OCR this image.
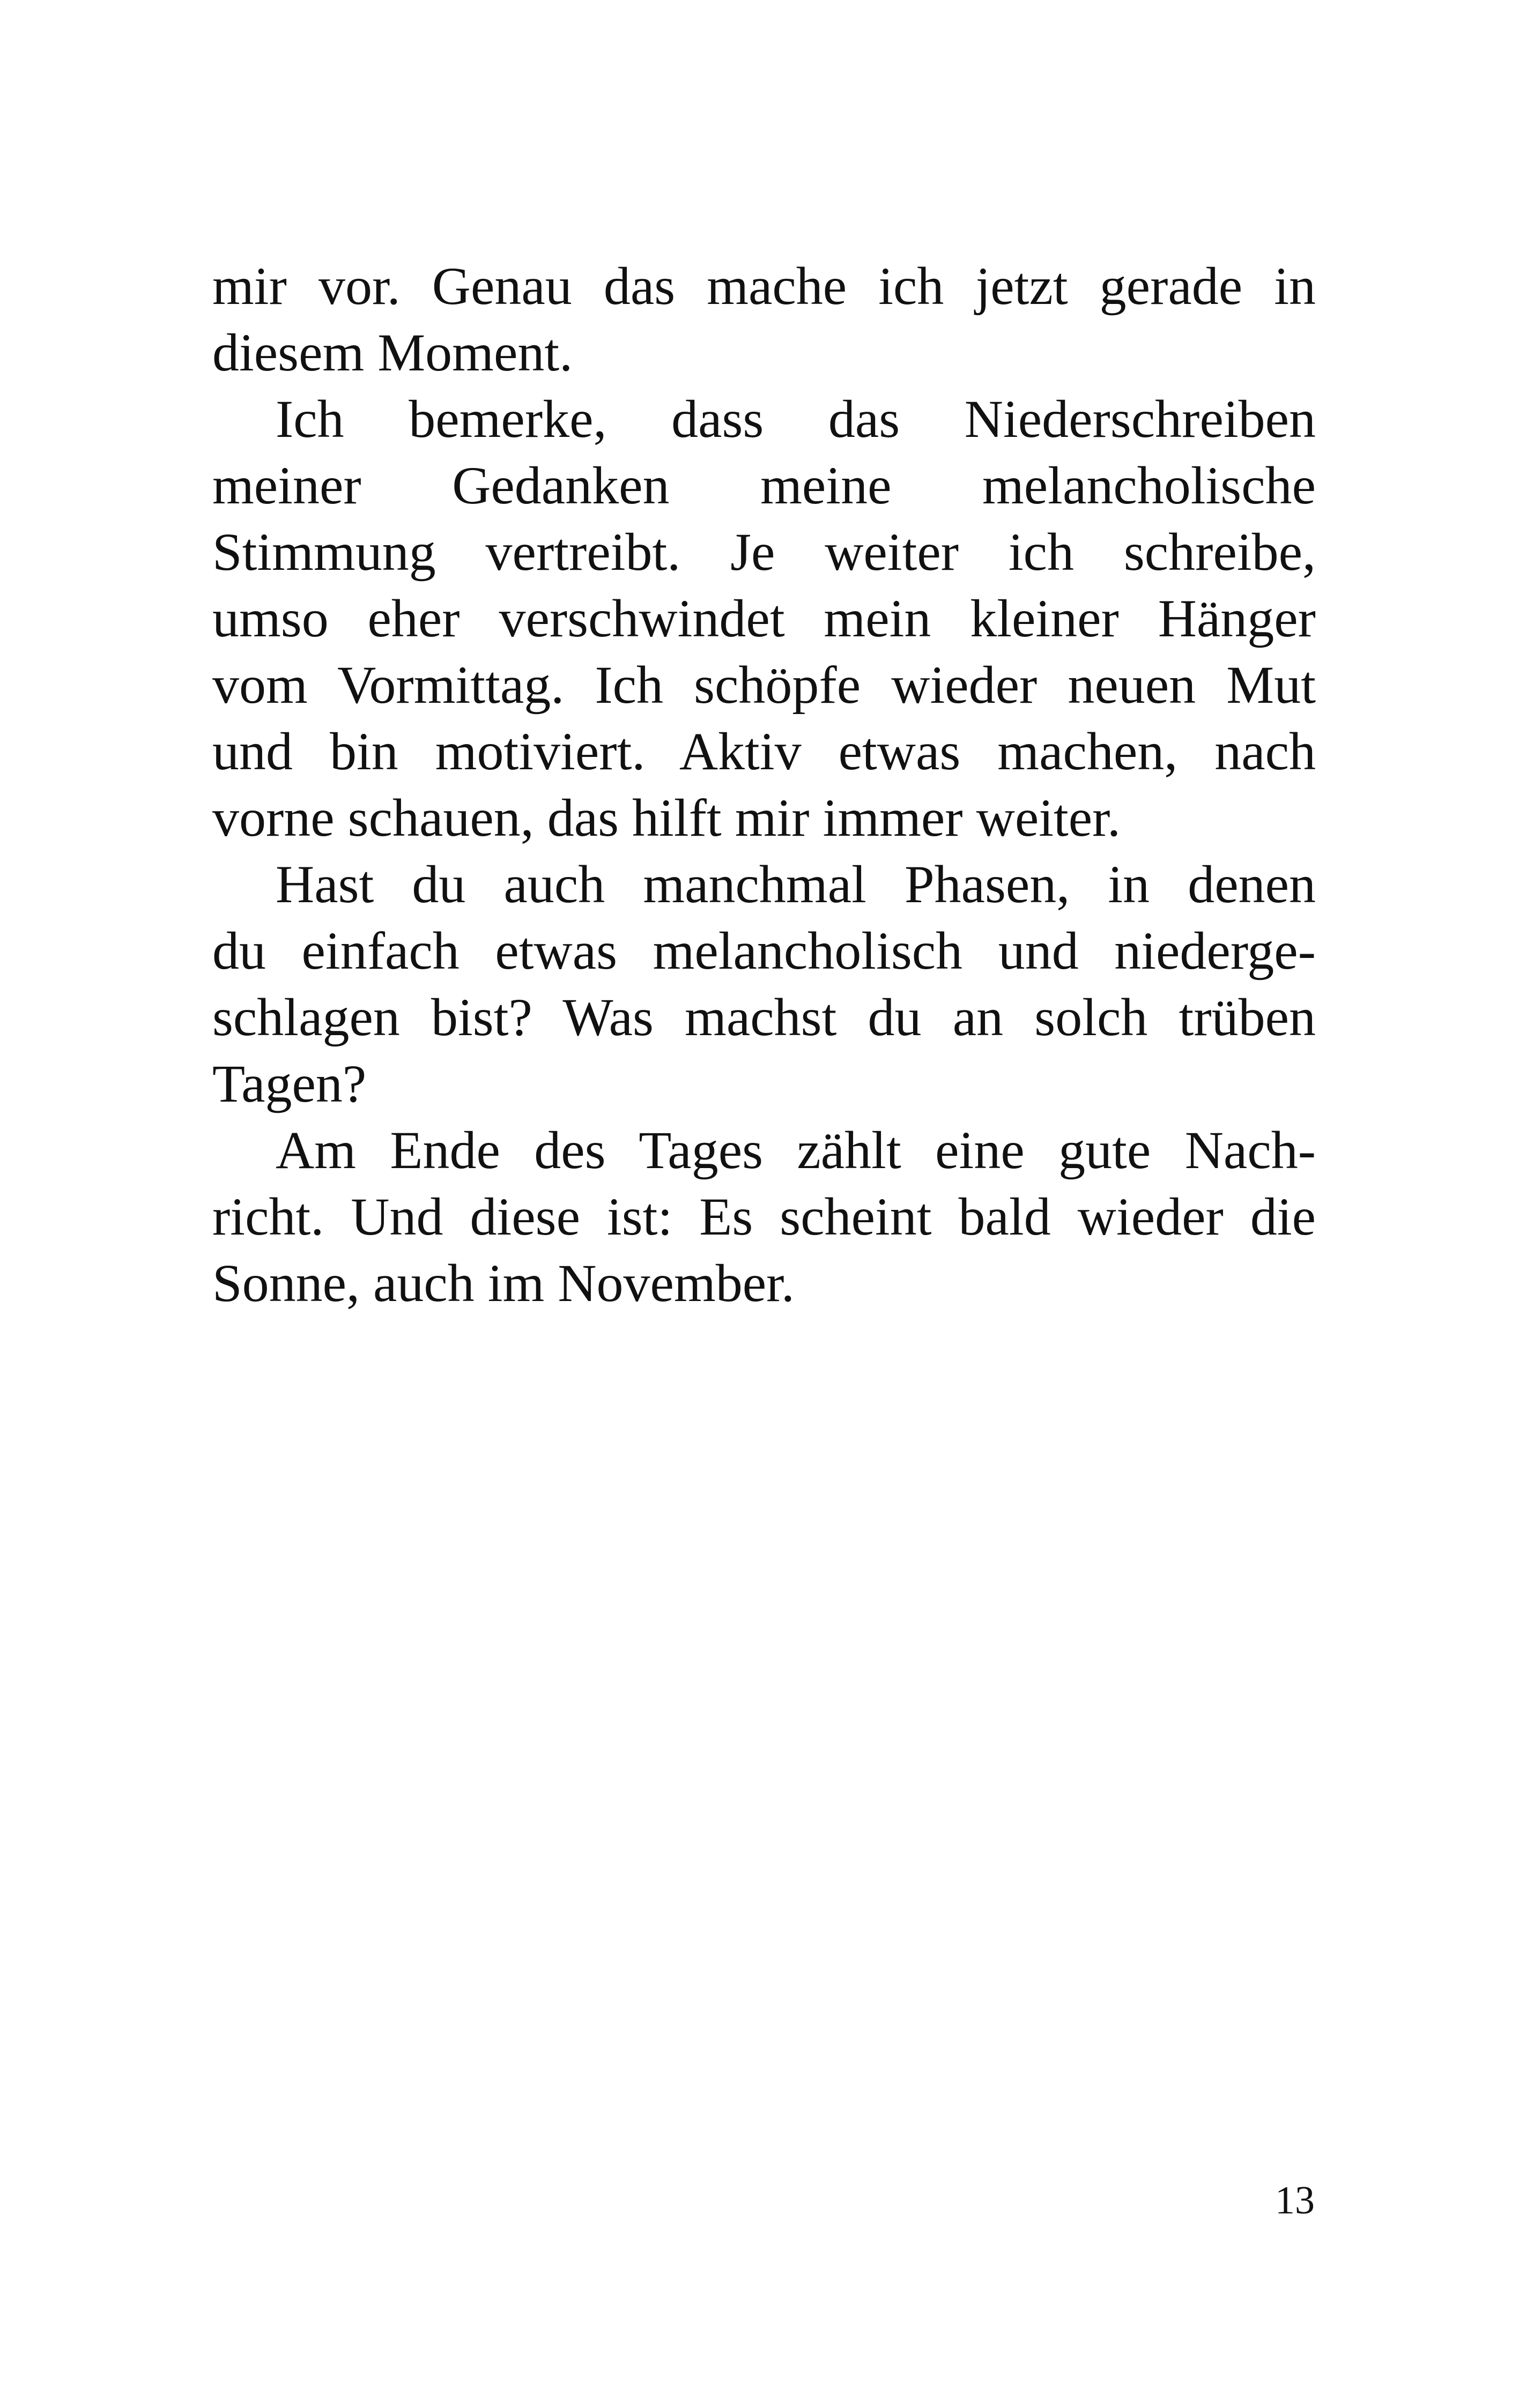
mir vor. Genau das mache ich jetzt gerade in
diesem Moment.
Ich bemerke, dass das Niederschreiben
meiner Gedanken meine melancholische
Stimmung vertreibt. Je weiter ich schreibe,
umso eher verschwindet mein kleiner Hänger
vom Vormittag. Ich schöpfe wieder neuen Mut
und bin motiviert. Aktiv etwas machen, nach
vorne schauen, das hilft mir immer weiter.
Hast du auch manchmal Phasen, in denen
du einfach etwas melancholisch und niederge-
schlagen bist? Was machst du an solch trüben
Tagen?
Am Ende des Tages zählt eine gute Nach-
richt. Und diese ist: Es scheint bald wieder die
Sonne, auch im November.
13
